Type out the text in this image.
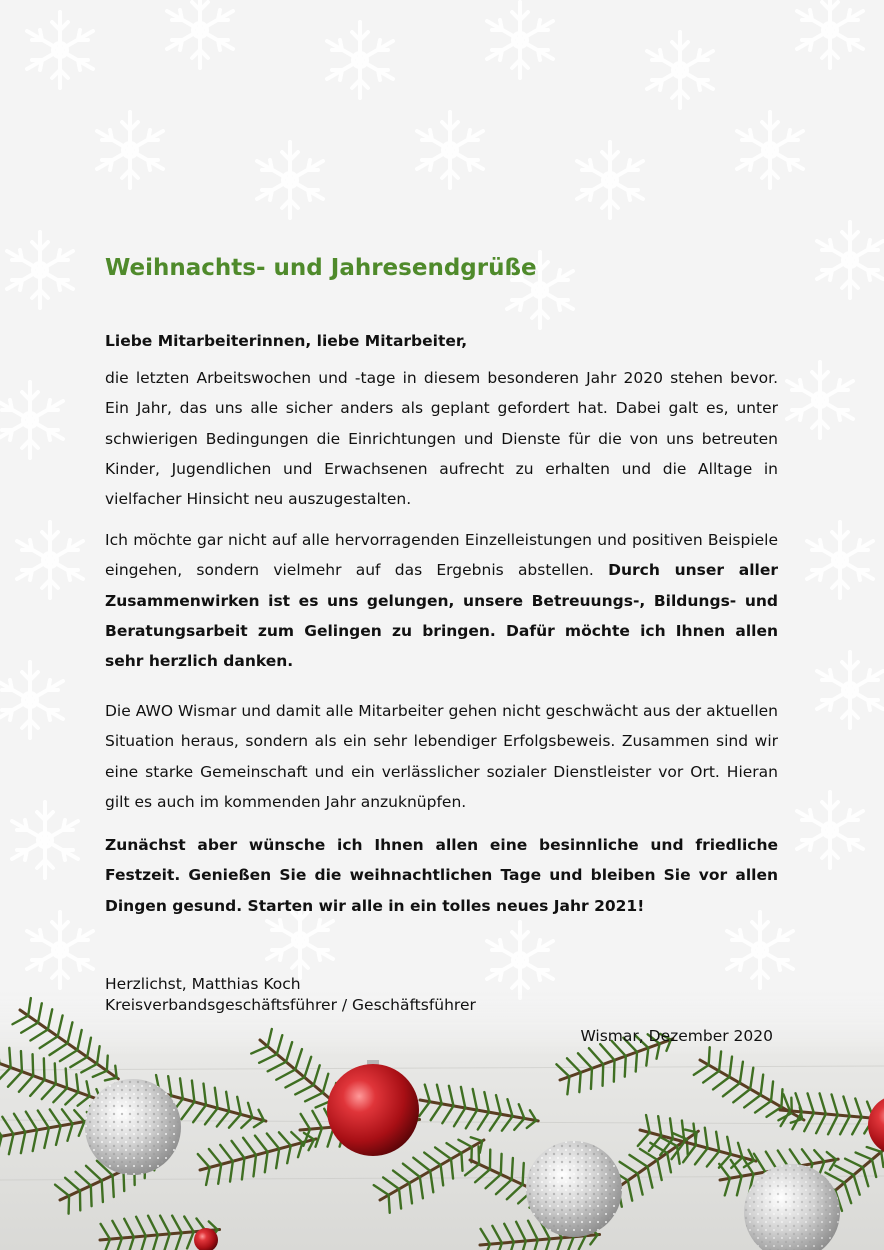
Weihnachts- und Jahresendgrüße

Liebe Mitarbeiterinnen, liebe Mitarbeiter,

die letzten Arbeitswochen und -tage in diesem besonderen Jahr 2020 stehen bevor. Ein Jahr, das uns alle sicher anders als geplant gefordert hat. Dabei galt es, unter schwierigen Bedingungen die Einrichtungen und Dienste für die von uns betreuten Kinder, Jugendlichen und Erwachsenen aufrecht zu erhalten und die Alltage in vielfacher Hinsicht neu auszugestalten.

Ich möchte gar nicht auf alle hervorragenden Einzelleistungen und positiven Beispiele eingehen, sondern vielmehr auf das Ergebnis abstellen. Durch unser aller Zusammenwirken ist es uns gelungen, unsere Betreuungs-, Bildungs- und Beratungsarbeit zum Gelingen zu bringen. Dafür möchte ich Ihnen allen sehr herzlich danken.

Die AWO Wismar und damit alle Mitarbeiter gehen nicht geschwächt aus der aktuellen Situation heraus, sondern als ein sehr lebendiger Erfolgsbeweis. Zusammen sind wir eine starke Gemeinschaft und ein verlässlicher sozialer Dienstleister vor Ort. Hieran gilt es auch im kommenden Jahr anzuknüpfen.

Zunächst aber wünsche ich Ihnen allen eine besinnliche und friedliche Festzeit. Genießen Sie die weihnachtlichen Tage und bleiben Sie vor allen Dingen gesund. Starten wir alle in ein tolles neues Jahr 2021!

Herzlichst, Matthias Koch
Kreisverbandsgeschäftsführer / Geschäftsführer
Wismar, Dezember 2020
